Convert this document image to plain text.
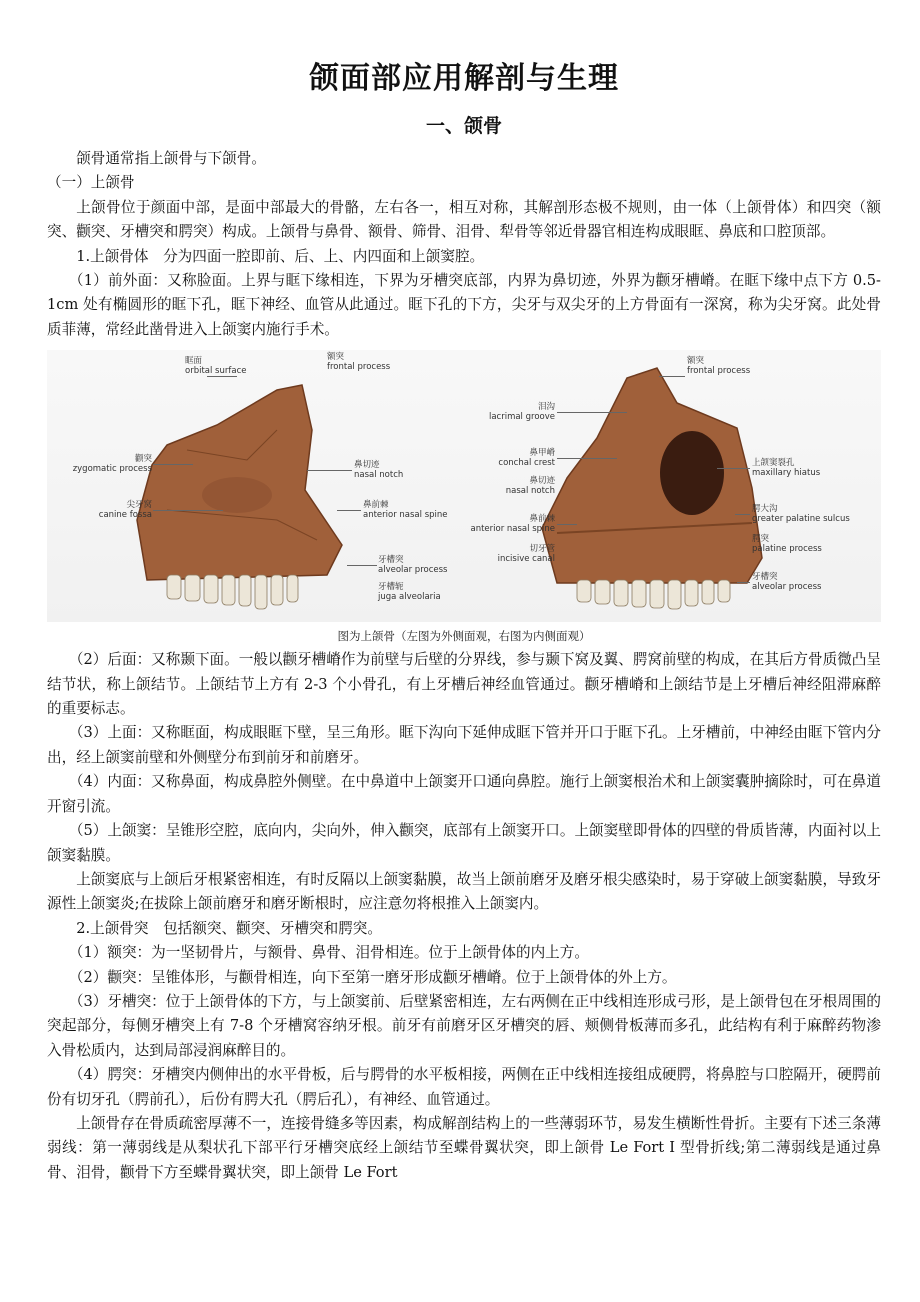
颌面部应用解剖与生理
一、颌骨

颌骨通常指上颌骨与下颌骨。

（一）上颌骨

上颌骨位于颜面中部，是面中部最大的骨骼，左右各一，相互对称，其解剖形态极不规则，由一体（上颌骨体）和四突（额突、颧突、牙槽突和腭突）构成。上颌骨与鼻骨、额骨、筛骨、泪骨、犁骨等邻近骨器官相连构成眼眶、鼻底和口腔顶部。

1.上颌骨体　分为四面一腔即前、后、上、内四面和上颌窦腔。

（1）前外面：又称脸面。上界与眶下缘相连，下界为牙槽突底部，内界为鼻切迹，外界为颧牙槽嵴。在眶下缘中点下方 0.5-1cm 处有椭圆形的眶下孔，眶下神经、血管从此通过。眶下孔的下方，尖牙与双尖牙的上方骨面有一深窝，称为尖牙窝。此处骨质菲薄，常经此凿骨进入上颌窦内施行手术。

眶面
orbital surface
额突
frontal process
颧突
zygomatic process	鼻切迹
nasal notch
尖牙窝
canine fossa
鼻前棘
anterior nasal spine
牙槽突
alveolar process
牙槽轭
juga alveolaria
额突
frontal process
泪沟
lacrimal groove
鼻甲嵴
conchal crest	上颌窦裂孔
maxillary hiatus
鼻切迹
nasal notch
腭大沟
greater palatine sulcus
鼻前棘
anterior nasal spine
腭突
palatine process
切牙管
incisive canal
牙槽突
alveolar process
图为上颌骨（左图为外侧面观，右图为内侧面观）

（2）后面：又称颞下面。一般以颧牙槽嵴作为前壁与后壁的分界线，参与颞下窝及翼、腭窝前壁的构成，在其后方骨质微凸呈结节状，称上颌结节。上颌结节上方有 2-3 个小骨孔，有上牙槽后神经血管通过。颧牙槽嵴和上颌结节是上牙槽后神经阻滞麻醉的重要标志。

（3）上面：又称眶面，构成眼眶下壁，呈三角形。眶下沟向下延伸成眶下管并开口于眶下孔。上牙槽前，中神经由眶下管内分出，经上颌窦前壁和外侧壁分布到前牙和前磨牙。

（4）内面：又称鼻面，构成鼻腔外侧壁。在中鼻道中上颌窦开口通向鼻腔。施行上颌窦根治术和上颌窦囊肿摘除时，可在鼻道开窗引流。

（5）上颌窦：呈锥形空腔，底向内，尖向外，伸入颧突，底部有上颌窦开口。上颌窦壁即骨体的四壁的骨质皆薄，内面衬以上颌窦黏膜。

上颌窦底与上颌后牙根紧密相连，有时反隔以上颌窦黏膜，故当上颌前磨牙及磨牙根尖感染时，易于穿破上颌窦黏膜，导致牙源性上颌窦炎;在拔除上颌前磨牙和磨牙断根时，应注意勿将根推入上颌窦内。

2.上颌骨突　包括额突、颧突、牙槽突和腭突。

（1）额突：为一坚韧骨片，与额骨、鼻骨、泪骨相连。位于上颌骨体的内上方。

（2）颧突：呈锥体形，与颧骨相连，向下至第一磨牙形成颧牙槽嵴。位于上颌骨体的外上方。

（3）牙槽突：位于上颌骨体的下方，与上颌窦前、后壁紧密相连，左右两侧在正中线相连形成弓形，是上颌骨包在牙根周围的突起部分，每侧牙槽突上有 7-8 个牙槽窝容纳牙根。前牙有前磨牙区牙槽突的唇、颊侧骨板薄而多孔，此结构有利于麻醉药物渗入骨松质内，达到局部浸润麻醉目的。

（4）腭突：牙槽突内侧伸出的水平骨板，后与腭骨的水平板相接，两侧在正中线相连接组成硬腭，将鼻腔与口腔隔开，硬腭前份有切牙孔（腭前孔），后份有腭大孔（腭后孔），有神经、血管通过。

上颌骨存在骨质疏密厚薄不一，连接骨缝多等因素，构成解剖结构上的一些薄弱环节，易发生横断性骨折。主要有下述三条薄弱线：第一薄弱线是从梨状孔下部平行牙槽突底经上颌结节至蝶骨翼状突，即上颌骨 Le Fort I 型骨折线;第二薄弱线是通过鼻骨、泪骨，颧骨下方至蝶骨翼状突，即上颌骨 Le Fort
